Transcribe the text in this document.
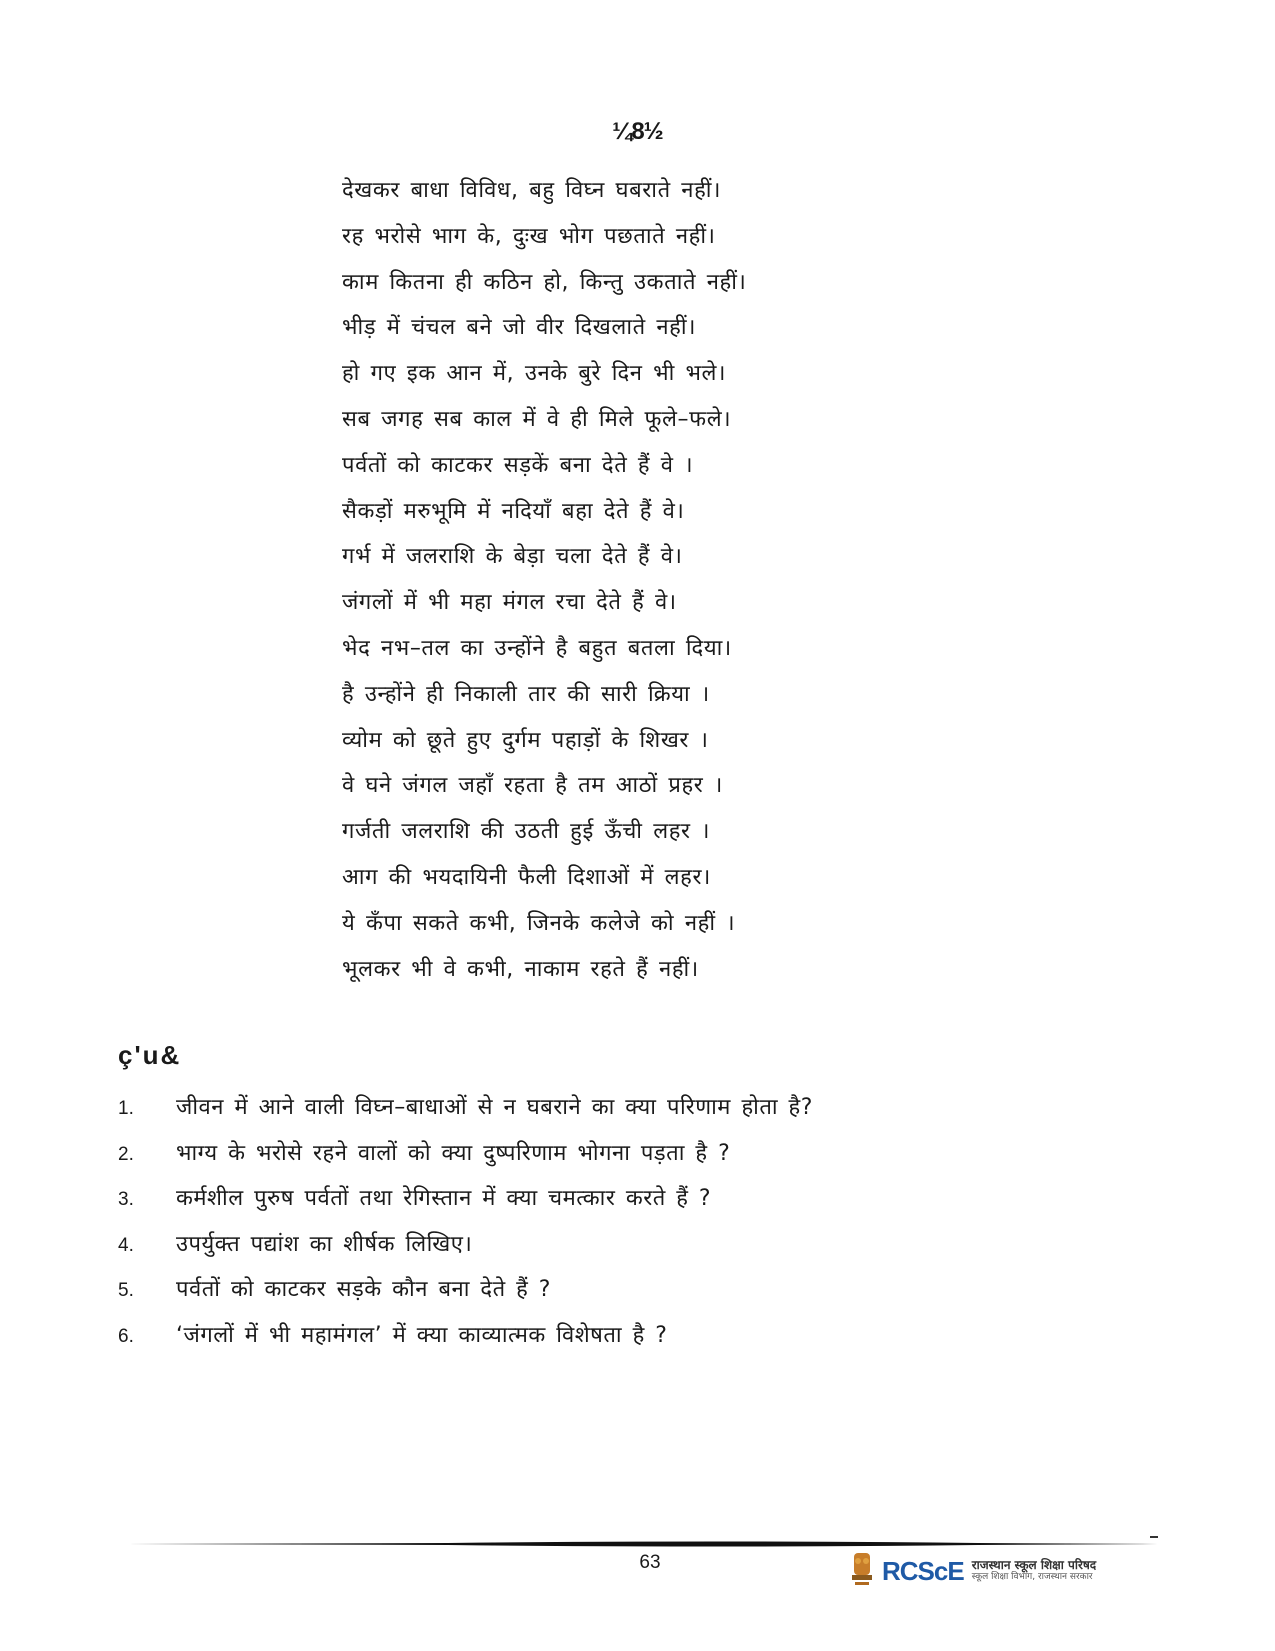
¼8½
देखकर बाधा विविध, बहु विघ्न घबराते नहीं।
रह भरोसे भाग के, दुःख भोग पछताते नहीं।
काम कितना ही कठिन हो, किन्तु उकताते नहीं।
भीड़ में चंचल बने जो वीर दिखलाते नहीं।
हो गए इक आन में, उनके बुरे दिन भी भले।
सब जगह सब काल में वे ही मिले फूले–फले।
पर्वतों को काटकर सड़कें बना देते हैं वे ।
सैकड़ों मरुभूमि में नदियाँ बहा देते हैं वे।
गर्भ में जलराशि के बेड़ा चला देते हैं वे।
जंगलों में भी महा मंगल रचा देते हैं वे।
भेद नभ–तल का उन्होंने है बहुत बतला दिया।
है उन्होंने ही निकाली तार की सारी क्रिया ।
व्योम को छूते हुए दुर्गम पहाड़ों के शिखर ।
वे घने जंगल जहाँ रहता है तम आठों प्रहर ।
गर्जती जलराशि की उठती हुई ऊँची लहर ।
आग की भयदायिनी फैली दिशाओं में लहर।
ये कँपा सकते कभी, जिनके कलेजे को नहीं ।
भूलकर भी वे कभी, नाकाम रहते हैं नहीं।
ç'u&
1.	जीवन में आने वाली विघ्न–बाधाओं से न घबराने का क्या परिणाम होता है?
2.	भाग्य के भरोसे रहने वालों को क्या दुष्परिणाम भोगना पड़ता है ?
3.	कर्मशील पुरुष पर्वतों तथा रेगिस्तान में क्या चमत्कार करते हैं ?
4.	उपर्युक्त पद्यांश का शीर्षक लिखिए।
5.	पर्वतों को काटकर सड़के कौन बना देते हैं ?
6.	‘जंगलों में भी महामंगल’ में क्या काव्यात्मक विशेषता है ?
63	RCScE राजस्थान स्कूल शिक्षा परिषद
स्कूल शिक्षा विभाग, राजस्थान सरकार
